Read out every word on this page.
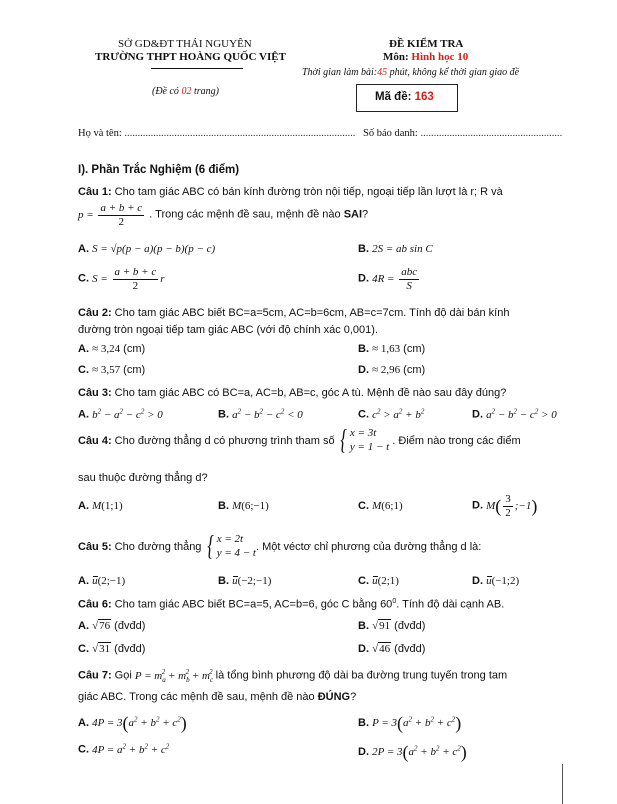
SỞ GD&ĐT THÁI NGUYÊN
TRƯỜNG THPT HOÀNG QUỐC VIỆT
(Đề có 02 trang)
ĐỀ KIỂM TRA
Môn: Hình học 10
Thời gian làm bài:45 phút, không kể thời gian giao đề
Mã đề: 163
Họ và tên: ........................................................................................ Số báo danh: ......................................................
I). Phần Trắc Nghiệm (6 điểm)
Câu 1: Cho tam giác ABC có bán kính đường tròn nội tiếp, ngoại tiếp lần lượt là r; R và
$p = \frac{a + b + c}{2}$ . Trong các mệnh đề sau, mệnh đề nào SAI?
A. S = √p(p − a)(p − b)(p − c)	B. 2S = ab sin C
C. $S = \frac{a + b + c}{2}$ r	D. $4R = \frac{\text{abc}}{S}$
Câu 2: Cho tam giác ABC biết BC=a=5cm, AC=b=6cm, AB=c=7cm. Tính độ dài bán kính
đường tròn ngoại tiếp tam giác ABC (với độ chính xác 0,001).
A. ≈ 3,24 (cm)	B. ≈ 1,63 (cm)
C. ≈ 3,57 (cm)	D. ≈ 2,96 (cm)
Câu 3: Cho tam giác ABC có BC=a, AC=b, AB=c, góc A tù. Mệnh đề nào sau đây đúng?
A. $b^2 - a^2 - c^2 > 0$	B. $a^2 - b^2 - c^2 < 0$	C. $c^2 > a^2 + b^2$	D. $a^2 - b^2 - c^2 > 0$
Câu 4: Cho đường thẳng d có phương trình tham số { x = 3t
y = 1 − t
. Điểm nào trong các điểm
sau thuộc đường thẳng d?
A. M(1;1)	B. M(6;−1)	C. M(6;1)	D. $M( \frac{3}{2}$ ;−1)
Câu 5: Cho đường thẳng { x = 2t
y = 4 − t
. Một véctơ chỉ phương của đường thẳng d là:
A. u(2;−1)	B. u(−2;−1)	C. u(2;1)	D. u(−1;2)
Câu 6: Cho tam giác ABC biết BC=a=5, AC=b=6, góc C bằng $60^0$. Tính độ dài cạnh AB.
A. √76 (đvđd)	B. √91 (đvđd)
C. √31 (đvđd)	D. √46 (đvđd)
Câu 7: Gọi $P = m_a^2 + m_b^2 + m_c^2$ là tổng bình phương độ dài ba đường trung tuyến trong tam
giác ABC. Trong các mệnh đề sau, mệnh đề nào ĐÚNG?
A. $4P = 3(a^2 + b^2 + c^2)$	B. $P = 3(a^2 + b^2 + c^2)$
C. $4P = a^2 + b^2 + c^2$
D. $2P = 3(a^2 + b^2 + c^2)$
